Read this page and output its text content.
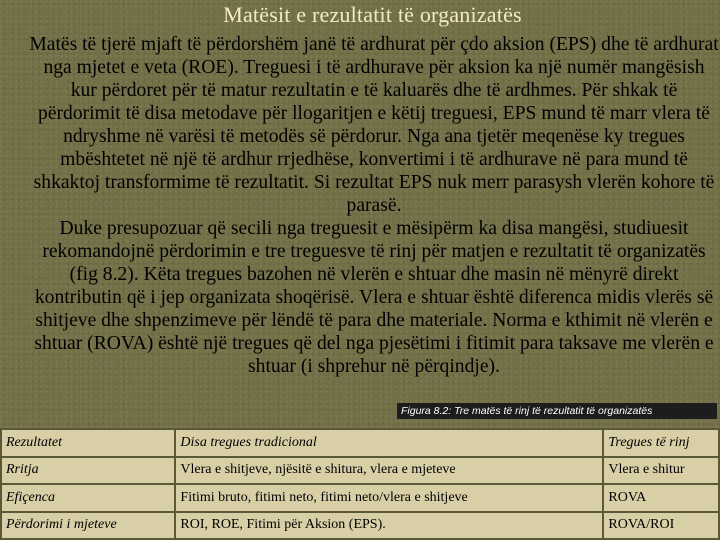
Matësit e rezultatit të organizatës

Matës të tjerë mjaft të përdorshëm janë të ardhurat për çdo aksion (EPS) dhe të ardhurat nga mjetet e veta (ROE). Treguesi i të ardhurave për aksion ka një numër mangësish kur përdoret për të matur rezultatin e të kaluarës dhe të ardhmes. Për shkak të përdorimit të disa metodave për llogaritjen e këtij treguesi, EPS mund të marr vlera të ndryshme në varësi të metodës së përdorur. Nga ana tjetër meqenëse ky tregues mbështetet në një të ardhur rrjedhëse, konvertimi i të ardhurave në para mund të shkaktoj transformime të rezultatit. Si rezultat EPS nuk merr parasysh vlerën kohore të parasë.

Duke presupozuar që secili nga treguesit e mësipërm ka disa mangësi, studiuesit rekomandojnë përdorimin e tre treguesve të rinj për matjen e rezultatit të organizatës (fig 8.2). Këta tregues bazohen në vlerën e shtuar dhe masin në mënyrë direkt kontributin që i jep organizata shoqërisë. Vlera e shtuar është diferenca midis vlerës së shitjeve dhe shpenzimeve për lëndë të para dhe materiale. Norma e kthimit në vlerën e shtuar (ROVA) është një tregues që del nga pjesëtimi i fitimit para taksave me vlerën e shtuar (i shprehur në përqindje).

Figura 8.2: Tre matës të rinj të rezultatit të organizatës
Rezultatet	Disa tregues tradicional	Tregues të rinj
Rritja	Vlera e shitjeve, njësitë e shitura, vlera e mjeteve	Vlera e shitur
Efiçenca	Fitimi bruto, fitimi neto, fitimi neto/vlera e shitjeve	ROVA
Përdorimi i mjeteve	ROI, ROE, Fitimi për Aksion (EPS).	ROVA/ROI
